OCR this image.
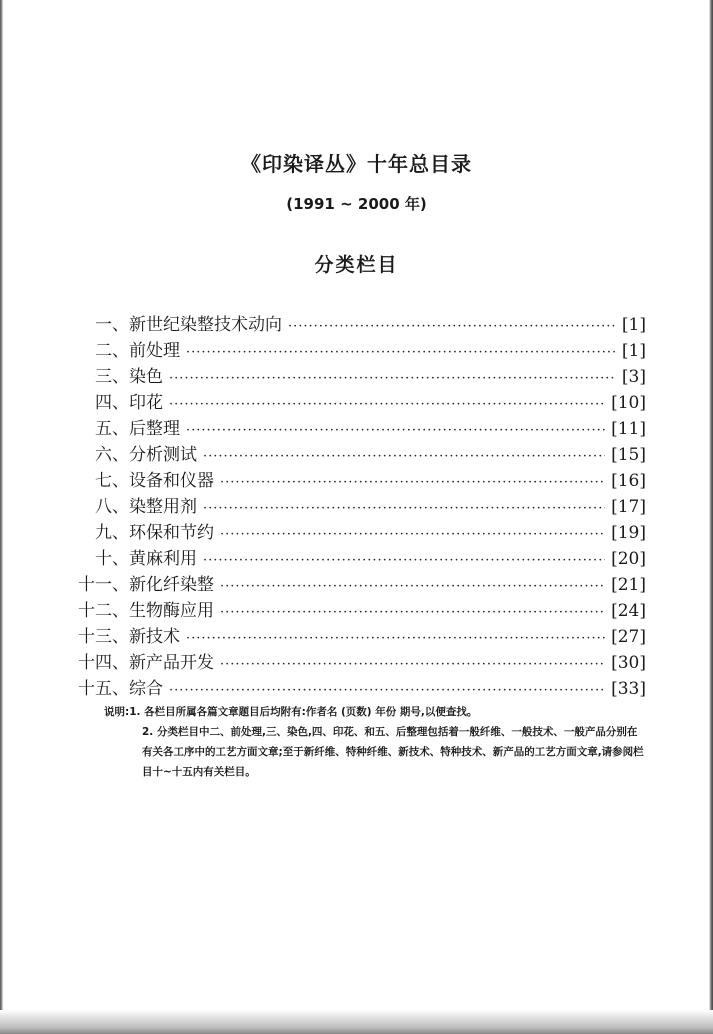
《印染译丛》十年总目录
(1991 ~ 2000 年)
分类栏目
一、 新世纪染整技术动向 ·····	[1]
二、 前处理 ·····	[1]
三、 染色 ·····	[3]
四、 印花 ·····	[10]
五、 后整理 ·····	[11]
六、 分析测试 ·····	[15]
七、 设备和仪器 ·····	[16]
八、 染整用剂 ·····	[17]
九、 环保和节约 ·····	[19]
十、 黄麻利用 ·····	[20]
十一、 新化纤染整 ·····	[21]
十二、 生物酶应用 ·····	[24]
十三、 新技术 ·····	[27]
十四、 新产品开发 ·····	[30]
十五、 综合 ·····	[33]
说明: 1. 各栏目所属各篇文章题目后均附有:作者名 (页数) 年份 期号,以便查找。
2. 分类栏目中二、前处理,三、染色,四、印花、和五、后整理包括着一般纤维、一般技术、一般产品分别在有关各工序中的工艺方面文章;至于新纤维、特种纤维、新技术、特种技术、新产品的工艺方面文章,请参阅栏目十~十五内有关栏目。
